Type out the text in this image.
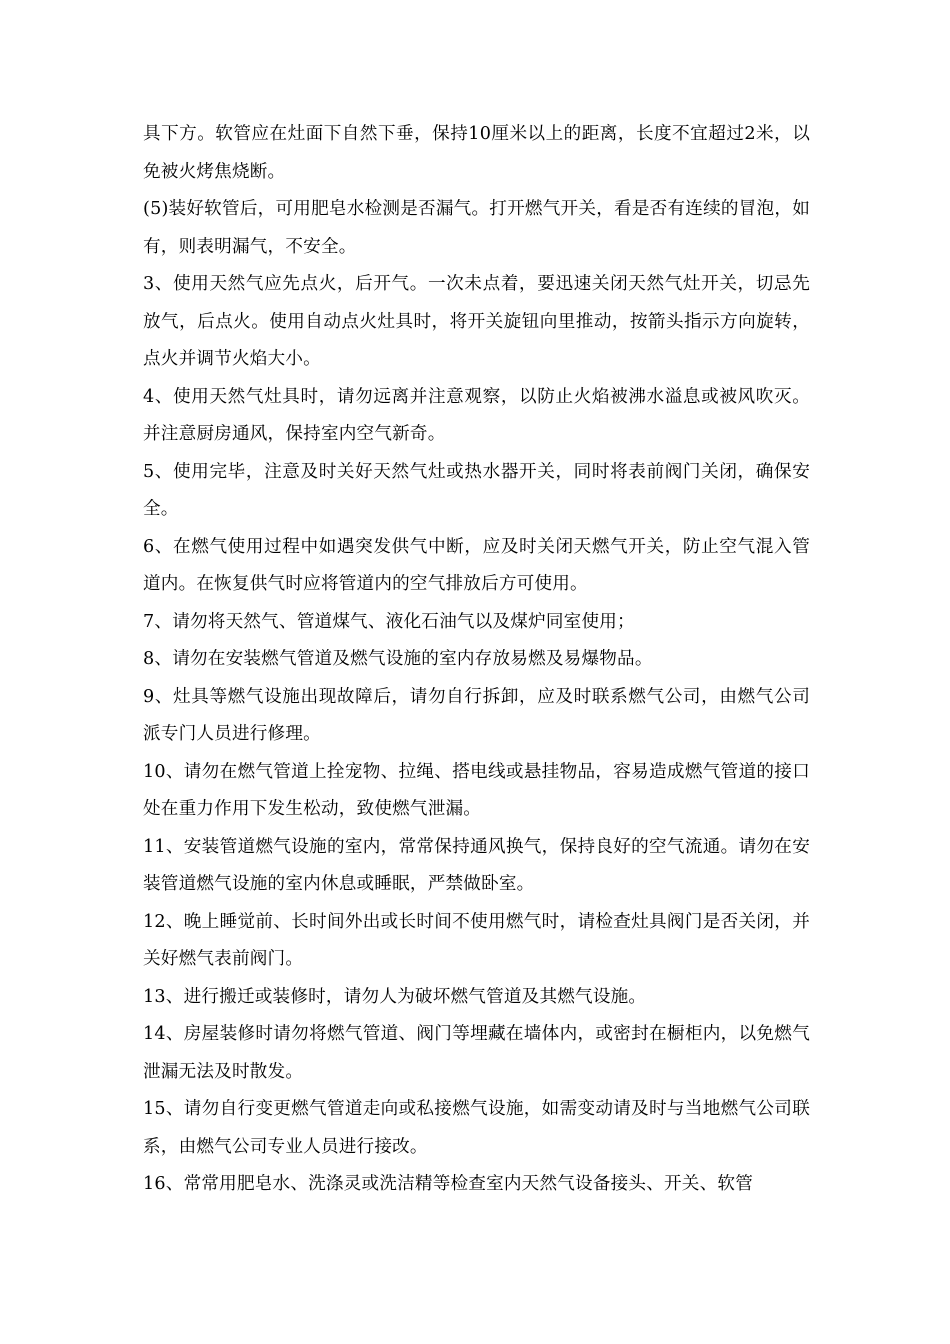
具下方。软管应在灶面下自然下垂，保持10厘米以上的距离，长度不宜超过2米，以免被火烤焦烧断。

(5)装好软管后，可用肥皂水检测是否漏气。打开燃气开关，看是否有连续的冒泡，如有，则表明漏气，不安全。

3、使用天然气应先点火，后开气。一次未点着，要迅速关闭天然气灶开关，切忌先放气，后点火。使用自动点火灶具时，将开关旋钮向里推动，按箭头指示方向旋转，点火并调节火焰大小。

4、使用天然气灶具时，请勿远离并注意观察，以防止火焰被沸水溢息或被风吹灭。并注意厨房通风，保持室内空气新奇。

5、使用完毕，注意及时关好天然气灶或热水器开关，同时将表前阀门关闭，确保安全。

6、在燃气使用过程中如遇突发供气中断，应及时关闭天燃气开关，防止空气混入管道内。在恢复供气时应将管道内的空气排放后方可使用。

7、请勿将天然气、管道煤气、液化石油气以及煤炉同室使用；

8、请勿在安装燃气管道及燃气设施的室内存放易燃及易爆物品。

9、灶具等燃气设施出现故障后，请勿自行拆卸，应及时联系燃气公司，由燃气公司派专门人员进行修理。

10、请勿在燃气管道上拴宠物、拉绳、搭电线或悬挂物品，容易造成燃气管道的接口处在重力作用下发生松动，致使燃气泄漏。

11、安装管道燃气设施的室内，常常保持通风换气，保持良好的空气流通。请勿在安装管道燃气设施的室内休息或睡眠，严禁做卧室。

12、晚上睡觉前、长时间外出或长时间不使用燃气时，请检查灶具阀门是否关闭，并关好燃气表前阀门。

13、进行搬迁或装修时，请勿人为破坏燃气管道及其燃气设施。

14、房屋装修时请勿将燃气管道、阀门等埋藏在墙体内，或密封在橱柜内，以免燃气泄漏无法及时散发。

15、请勿自行变更燃气管道走向或私接燃气设施，如需变动请及时与当地燃气公司联系，由燃气公司专业人员进行接改。

16、常常用肥皂水、洗涤灵或洗洁精等检查室内天然气设备接头、开关、软管
